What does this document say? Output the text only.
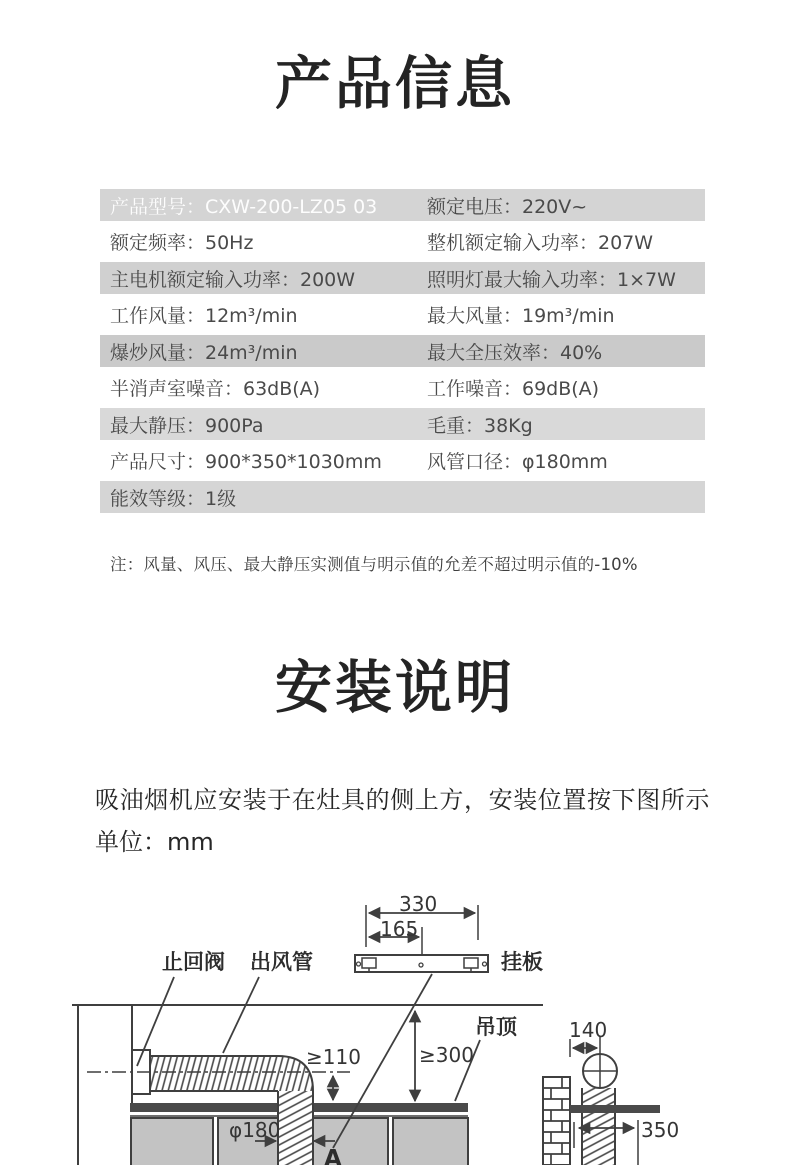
产品信息
产品型号：CXW-200-LZ05 03	额定电压：220V~
额定频率：50Hz	整机额定输入功率：207W
主电机额定输入功率：200W	照明灯最大输入功率：1×7W
工作风量：12m³/min	最大风量：19m³/min
爆炒风量：24m³/min	最大全压效率：40%
半消声室噪音：63dB(A)	工作噪音：69dB(A)
最大静压：900Pa	毛重：38Kg
产品尺寸：900*350*1030mm	风管口径：φ180mm
能效等级：1级
注：风量、风压、最大静压实测值与明示值的允差不超过明示值的-10%
安装说明
吸油烟机应安装于在灶具的侧上方，安装位置按下图所示
单位：mm
止回阀 出风管	挂板
吊顶
A
330
165
≥110	≥300
140
φ180	350
